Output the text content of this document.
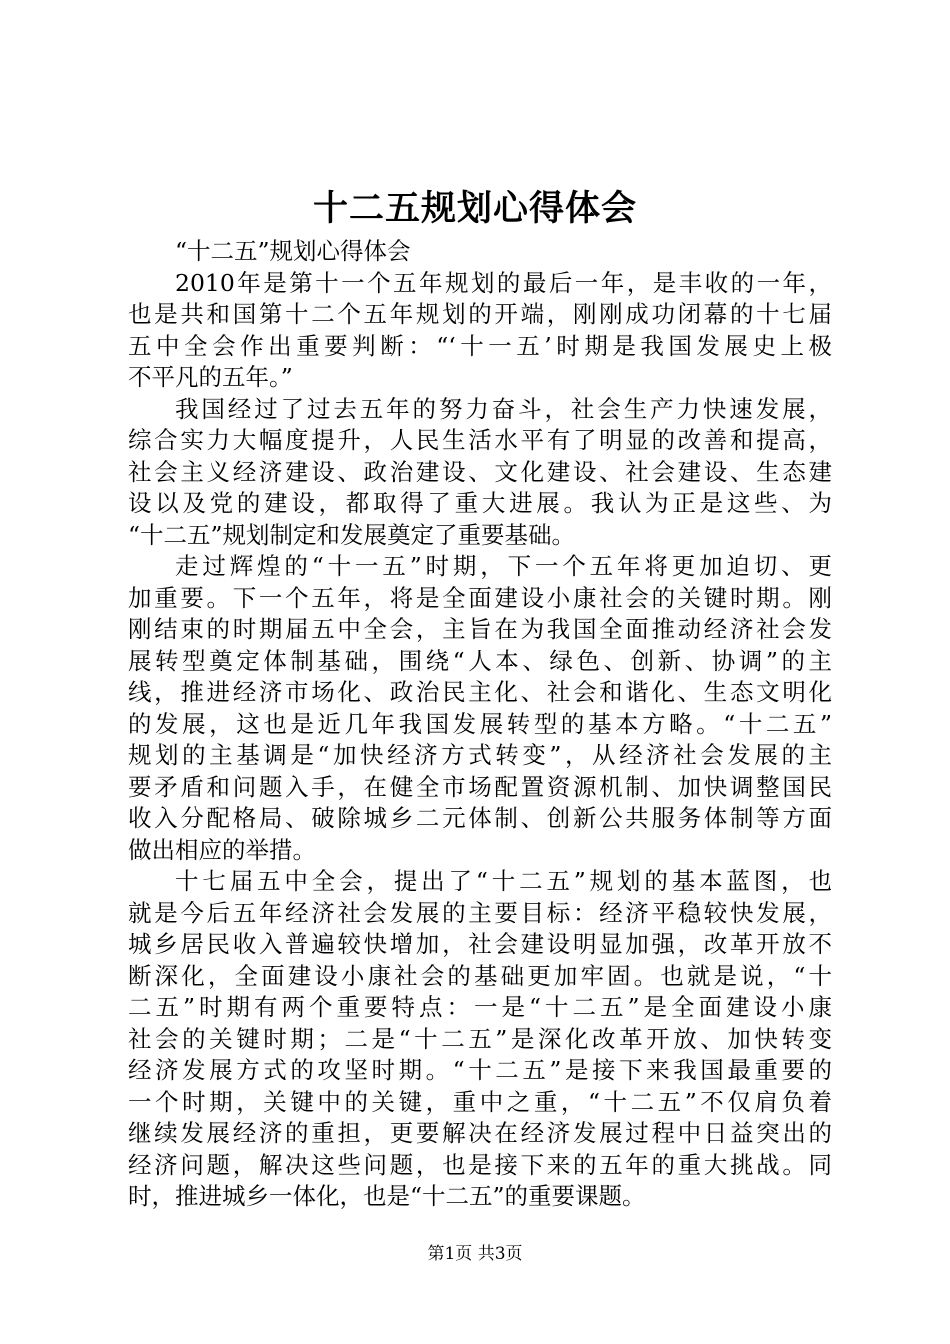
十二五规划心得体会
“十二五”规划心得体会
2010年是第十一个五年规划的最后一年，是丰收的一年，
也是共和国第十二个五年规划的开端，刚刚成功闭幕的十七届
五中全会作出重要判断：“‘十一五’时期是我国发展史上极
不平凡的五年。”
我国经过了过去五年的努力奋斗，社会生产力快速发展，
综合实力大幅度提升，人民生活水平有了明显的改善和提高，
社会主义经济建设、政治建设、文化建设、社会建设、生态建
设以及党的建设，都取得了重大进展。我认为正是这些、为
“十二五”规划制定和发展奠定了重要基础。
走过辉煌的“十一五”时期，下一个五年将更加迫切、更
加重要。下一个五年，将是全面建设小康社会的关键时期。刚
刚结束的时期届五中全会，主旨在为我国全面推动经济社会发
展转型奠定体制基础，围绕“人本、绿色、创新、协调”的主
线，推进经济市场化、政治民主化、社会和谐化、生态文明化
的发展，这也是近几年我国发展转型的基本方略。“十二五”
规划的主基调是“加快经济方式转变”，从经济社会发展的主
要矛盾和问题入手，在健全市场配置资源机制、加快调整国民
收入分配格局、破除城乡二元体制、创新公共服务体制等方面
做出相应的举措。
十七届五中全会，提出了“十二五”规划的基本蓝图，也
就是今后五年经济社会发展的主要目标：经济平稳较快发展，
城乡居民收入普遍较快增加，社会建设明显加强，改革开放不
断深化，全面建设小康社会的基础更加牢固。也就是说，“十
二五”时期有两个重要特点：一是“十二五”是全面建设小康
社会的关键时期；二是“十二五”是深化改革开放、加快转变
经济发展方式的攻坚时期。“十二五”是接下来我国最重要的
一个时期，关键中的关键，重中之重，“十二五”不仅肩负着
继续发展经济的重担，更要解决在经济发展过程中日益突出的
经济问题，解决这些问题，也是接下来的五年的重大挑战。同
时，推进城乡一体化，也是“十二五”的重要课题。
第1页 共3页
